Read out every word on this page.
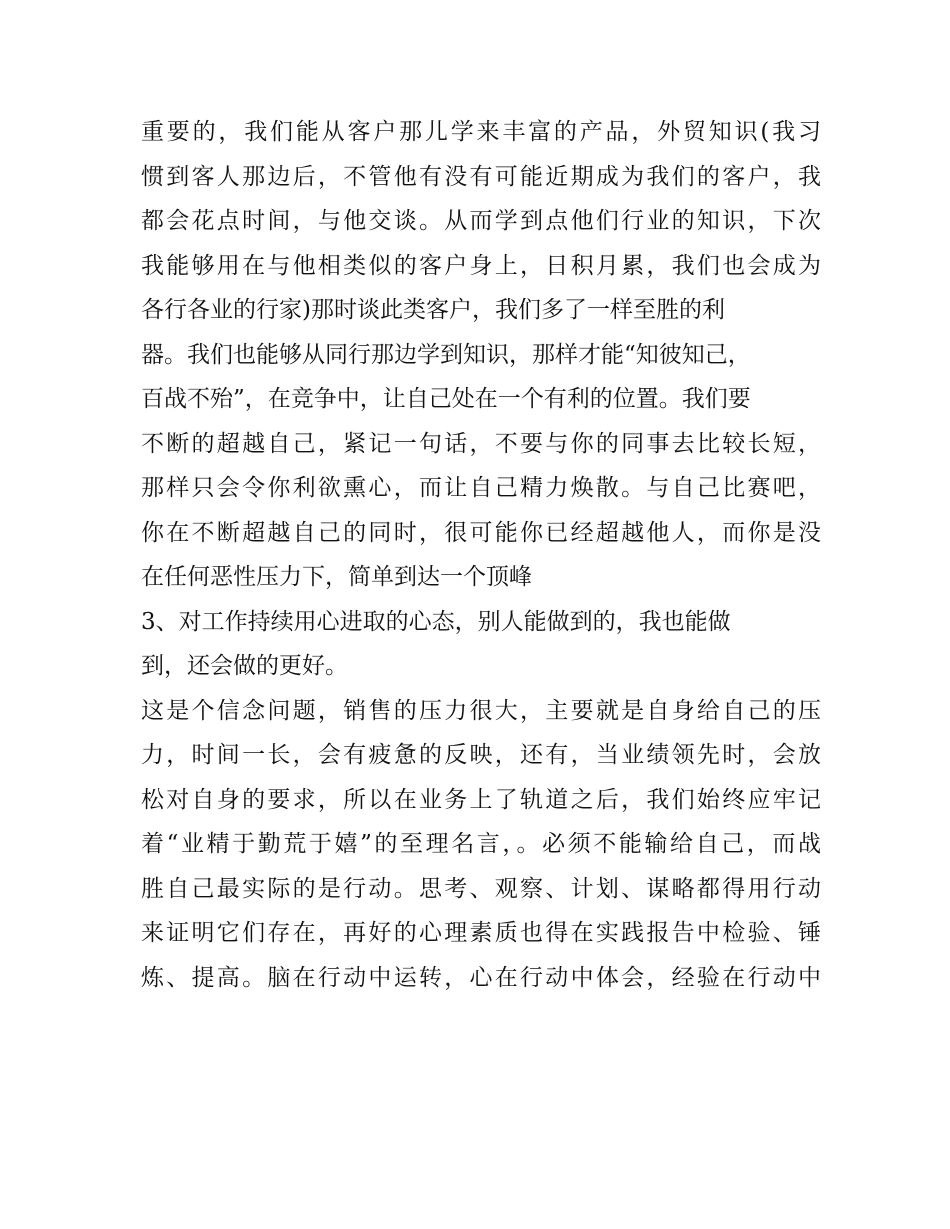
重要的，我们能从客户那儿学来丰富的产品，外贸知识(我习
惯到客人那边后，不管他有没有可能近期成为我们的客户，我
都会花点时间，与他交谈。从而学到点他们行业的知识，下次
我能够用在与他相类似的客户身上，日积月累，我们也会成为
各行各业的行家)那时谈此类客户，我们多了一样至胜的利
器。我们也能够从同行那边学到知识，那样才能“知彼知己，
百战不殆”，在竞争中，让自己处在一个有利的位置。我们要
不断的超越自己，紧记一句话，不要与你的同事去比较长短，
那样只会令你利欲熏心，而让自己精力焕散。与自己比赛吧，
你在不断超越自己的同时，很可能你已经超越他人，而你是没
在任何恶性压力下，简单到达一个顶峰
3、对工作持续用心进取的心态，别人能做到的，我也能做
到，还会做的更好。
这是个信念问题，销售的压力很大，主要就是自身给自己的压
力，时间一长，会有疲惫的反映，还有，当业绩领先时，会放
松对自身的要求，所以在业务上了轨道之后，我们始终应牢记
着“业精于勤荒于嬉”的至理名言，。必须不能输给自己，而战
胜自己最实际的是行动。思考、观察、计划、谋略都得用行动
来证明它们存在，再好的心理素质也得在实践报告中检验、锤
炼、提高。脑在行动中运转，心在行动中体会，经验在行动中
